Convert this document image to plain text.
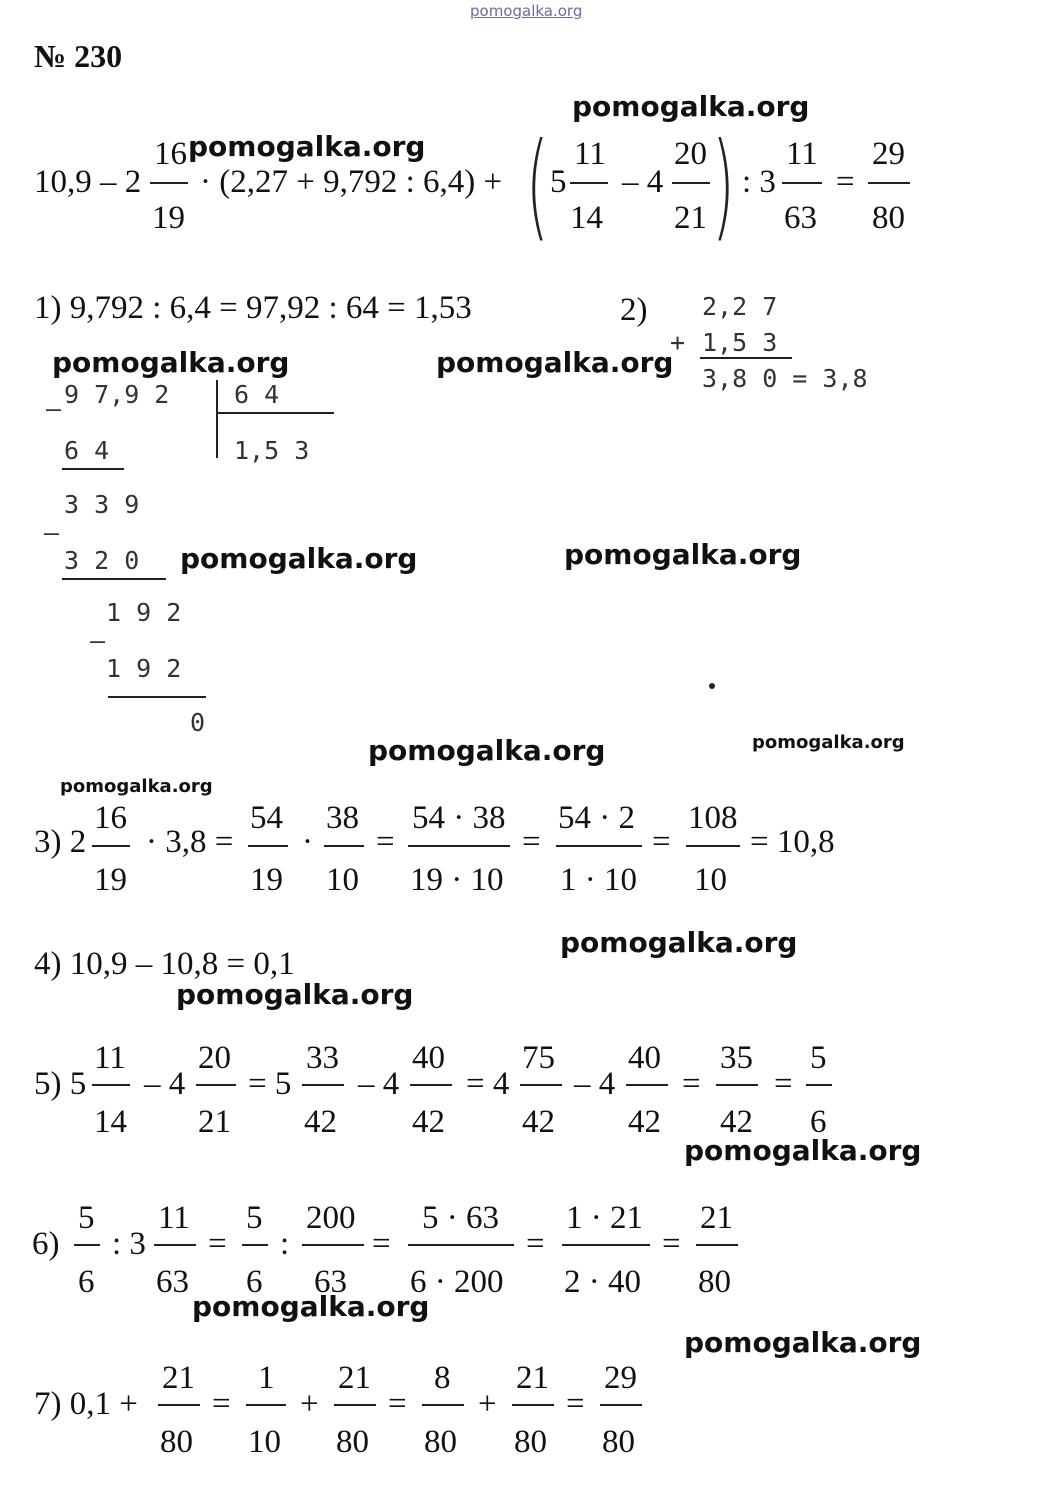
pomogalka.org
№ 230
pomogalka.org
pomogalka.org
pomogalka.org	pomogalka.org
pomogalka.org	pomogalka.org
pomogalka.org	pomogalka.org
pomogalka.org
pomogalka.org
pomogalka.org
pomogalka.org
pomogalka.org
pomogalka.org
10,9 – 2
16
19
· (2,27 + 9,792 : 6,4) + ( 5
11
14
– 4
20
21 ) : 3
11
63
=
29
80
1) 9,792 : 6,4 = 97,92 : 64 = 1,53
– 9 7,9 2	6 4
1,5 3
6 4
3 3 9
–
3 2 0
1 9 2
–
1 9 2
0
2) 2,2 7
+ 1,5 3
3,8 0 = 3,8
3) 2
16
19
· 3,8 =
54
19
·
38
10
=
54 · 38
19 · 10
=
54 · 2
1 · 10
=
108
10
= 10,8
4) 10,9 – 10,8 = 0,1
5) 5
11
14
– 4
20
21
= 5
33
42
– 4
40
42
= 4
75
42
– 4
40
42
=
35
42
=
5
6
6)
5
6
: 3
11
63
=
5
6
:
200
63
=
5 · 63
6 · 200
=
1 · 21
2 · 40
=
21
80
7) 0,1 +
21
80
=
1
10
+
21
80
=
8
80
+
21
80
=
29
80
